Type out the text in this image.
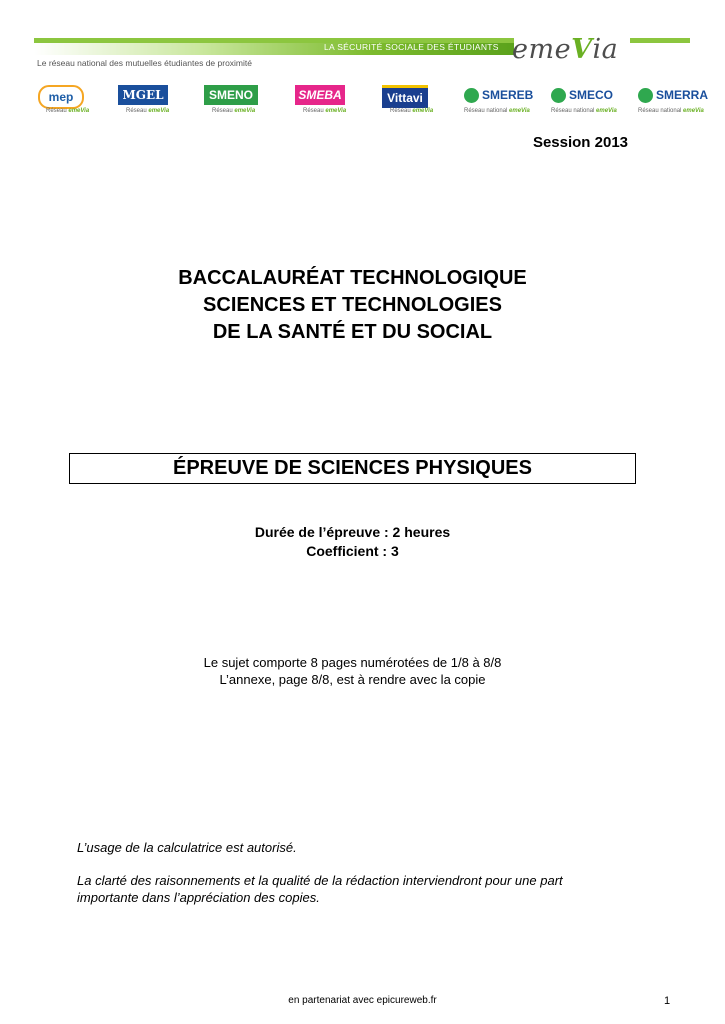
LA SÉCURITÉ SOCIALE DES ÉTUDIANTS emeVia
Le réseau national des mutuelles étudiantes de proximité
mep
Réseau emeVia
MGEL
Réseau emeVia
SMENO
Réseau emeVia
SMEBA
Réseau emeVia
Vittavi
Réseau emeVia
SMEREB
Réseau national emeVia
SMECO
Réseau national emeVia
SMERRA
Réseau national emeVia
Session 2013
BACCALAURÉAT TECHNOLOGIQUE
SCIENCES ET TECHNOLOGIES
DE LA SANTÉ ET DU SOCIAL
ÉPREUVE DE SCIENCES PHYSIQUES
Durée de l’épreuve : 2 heures
Coefficient : 3
Le sujet comporte 8 pages numérotées de 1/8 à 8/8
L’annexe, page 8/8, est à rendre avec la copie
L’usage de la calculatrice est autorisé.
La clarté des raisonnements et la qualité de la rédaction interviendront pour une part
importante dans l’appréciation des copies.
en partenariat avec epicureweb.fr	1
